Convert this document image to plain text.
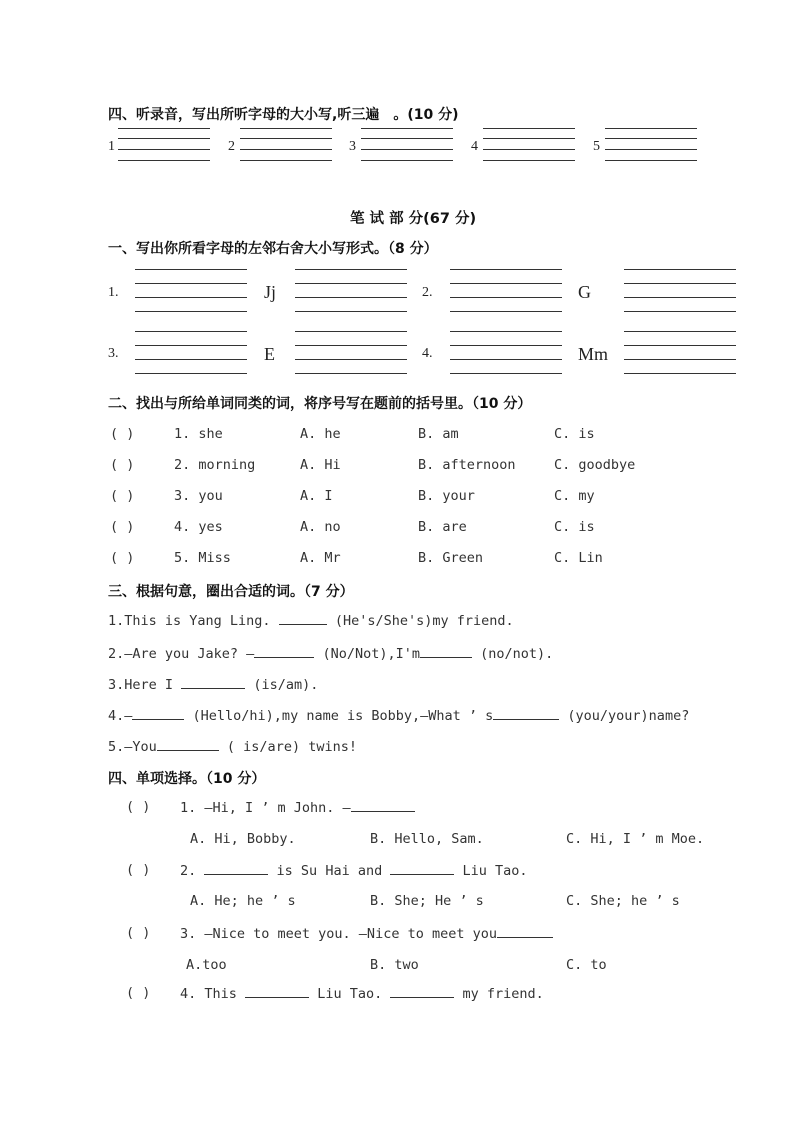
四、听录音，写出所听字母的大小写,听三遍　。(10 分)
1	2	3	4	5
笔 试 部 分(67 分)
一、写出你所看字母的左邻右舍大小写形式。（8 分）
1.	Jj	2.	G
3.	E	4.	Mm
二、找出与所给单词同类的词，将序号写在题前的括号里。（10 分）
( )	1. she	A. he	B. am	C. is
( )	2. morning	A. Hi	B. afternoon	C. goodbye
( )	3. you	A. I	B. your	C. my
( )	4. yes	A. no	B. are	C. is
( )	5. Miss	A. Mr	B. Green	C. Lin
三、根据句意，圈出合适的词。（7 分）
1.This is Yang Ling.	(He's/She's)my friend.
2.—Are you Jake? —	(No/Not),I'm	(no/not).
3.Here I	(is/am).
4.—	(Hello/hi),my name is Bobby,—What ’ s	(you/your)name?
5.—You	( is/are) twins!
四、单项选择。（10 分）
( ) 1. —Hi, I ’ m John. —
A. Hi, Bobby.	B. Hello, Sam.	C. Hi, I ’ m Moe.
( ) 2.	is Su Hai and	Liu Tao.
A. He; he ’ s	B. She; He ’ s	C. She; he ’ s
( ) 3. —Nice to meet you. —Nice to meet you
A.too	B. two	C. to
( ) 4. This	Liu Tao.	my friend.
